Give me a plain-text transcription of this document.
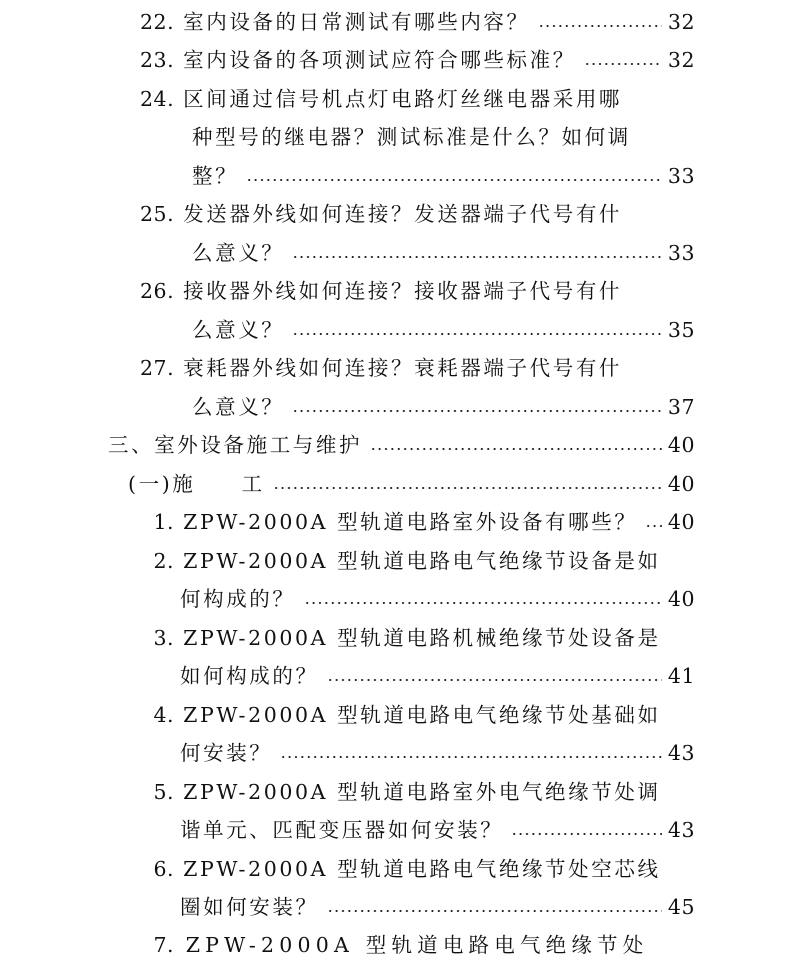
22. 室内设备的日常测试有哪些内容？	32
23. 室内设备的各项测试应符合哪些标准？	32
24. 区间通过信号机点灯电路灯丝继电器采用哪
种型号的继电器？测试标准是什么？如何调
整？	33
25. 发送器外线如何连接？发送器端子代号有什
么意义？	33
26. 接收器外线如何连接？接收器端子代号有什
么意义？	35
27. 衰耗器外线如何连接？衰耗器端子代号有什
么意义？	37
三、室外设备施工与维护	40
(一)施　　工	40
1. ZPW-2000A 型轨道电路室外设备有哪些？ 40
2. ZPW-2000A 型轨道电路电气绝缘节设备是如
何构成的？	40
3. ZPW-2000A 型轨道电路机械绝缘节处设备是
如何构成的？	41
4. ZPW-2000A 型轨道电路电气绝缘节处基础如
何安装？	43
5. ZPW-2000A 型轨道电路室外电气绝缘节处调
谐单元、匹配变压器如何安装？	43
6. ZPW-2000A 型轨道电路电气绝缘节处空芯线
圈如何安装？	45
7. ZPW-2000A 型轨道电路电气绝缘节处
